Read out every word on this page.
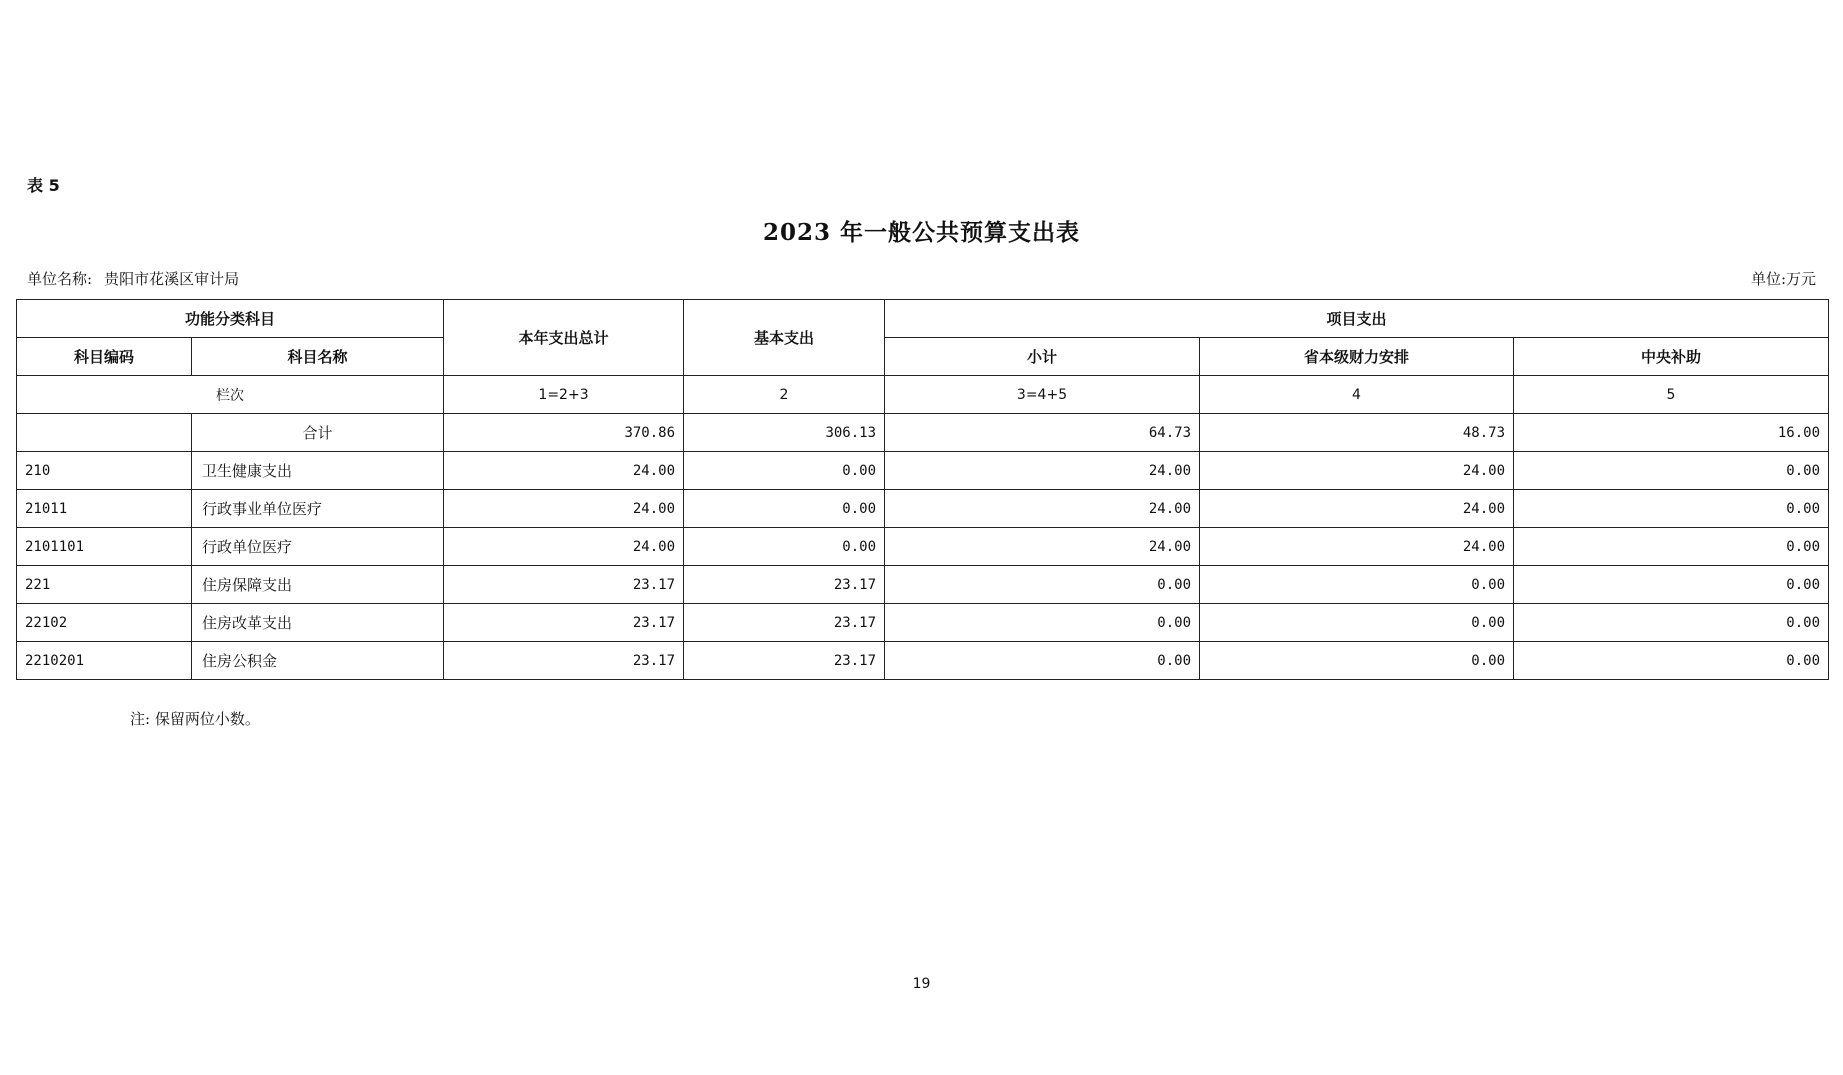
表 5
2023 年一般公共预算支出表
单位名称: 贵阳市花溪区审计局	单位:万元
功能分类科目		本年支出总计	基本支出	项目支出		
科目编码	科目名称			小计	省本级财力安排	中央补助
栏次		1=2+3	2	3=4+5	4	5
	合计	370.86	306.13	64.73	48.73	16.00
210	卫生健康支出	24.00	0.00	24.00	24.00	0.00
21011	行政事业单位医疗	24.00	0.00	24.00	24.00	0.00
2101101	行政单位医疗	24.00	0.00	24.00	24.00	0.00
221	住房保障支出	23.17	23.17	0.00	0.00	0.00
22102	住房改革支出	23.17	23.17	0.00	0.00	0.00
2210201	住房公积金	23.17	23.17	0.00	0.00	0.00
注: 保留两位小数。
19
